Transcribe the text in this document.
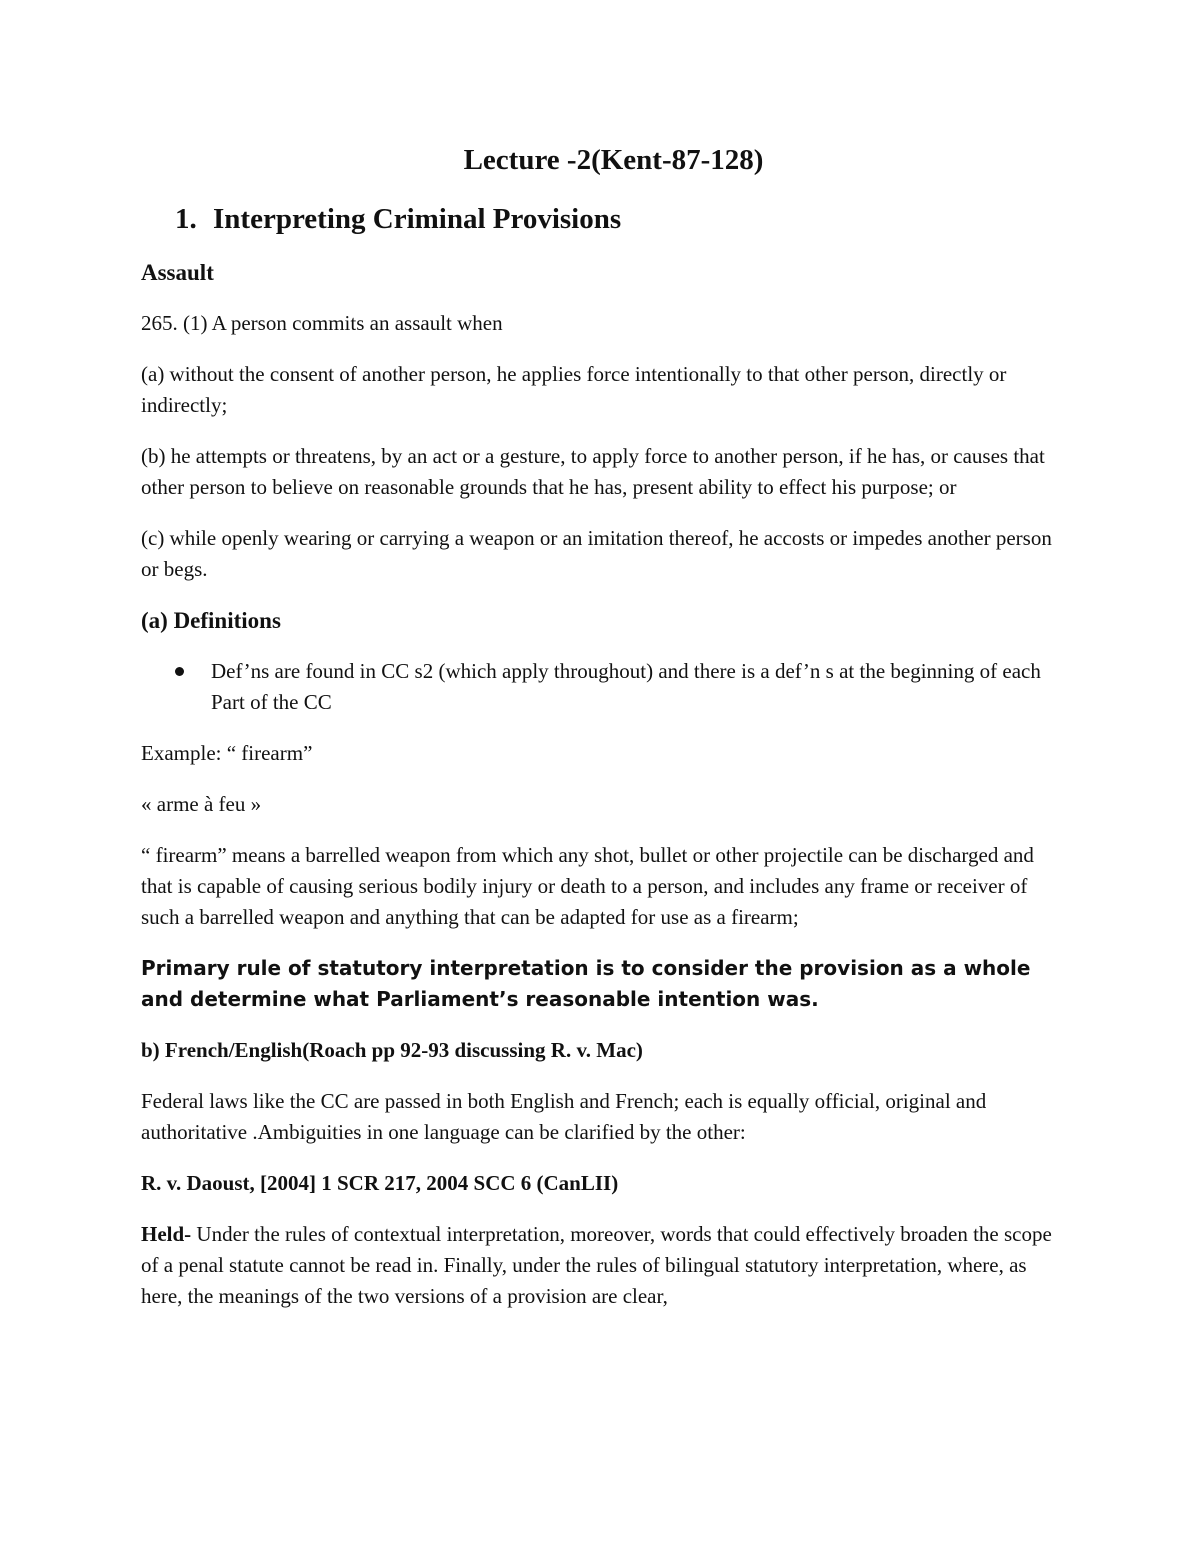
Lecture -2(Kent-87-128)
1. Interpreting Criminal Provisions
Assault
265. (1) A person commits an assault when
(a) without the consent of another person, he applies force intentionally to that other person, directly or indirectly;
(b) he attempts or threatens, by an act or a gesture, to apply force to another person, if he has, or causes that other person to believe on reasonable grounds that he has, present ability to effect his purpose; or
(c) while openly wearing or carrying a weapon or an imitation thereof, he accosts or impedes another person or begs.
(a) Definitions
Def’ns are found in CC s2 (which apply throughout) and there is a def’n s at the beginning of each Part of the CC
Example: “ firearm”
« arme à feu »
“ firearm” means a barrelled weapon from which any shot, bullet or other projectile can be discharged and that is capable of causing serious bodily injury or death to a person, and includes any frame or receiver of such a barrelled weapon and anything that can be adapted for use as a firearm;
Primary rule of statutory interpretation is to consider the provision as a whole and determine what Parliament’s reasonable intention was.
b) French/English(Roach pp 92-93 discussing R. v. Mac)
Federal laws like the CC are passed in both English and French; each is equally official, original and authoritative .Ambiguities in one language can be clarified by the other:
R. v. Daoust, [2004] 1 SCR 217, 2004 SCC 6 (CanLII)
Held- Under the rules of contextual interpretation, moreover, words that could effectively broaden the scope of a penal statute cannot be read in. Finally, under the rules of bilingual statutory interpretation, where, as here, the meanings of the two versions of a provision are clear,
